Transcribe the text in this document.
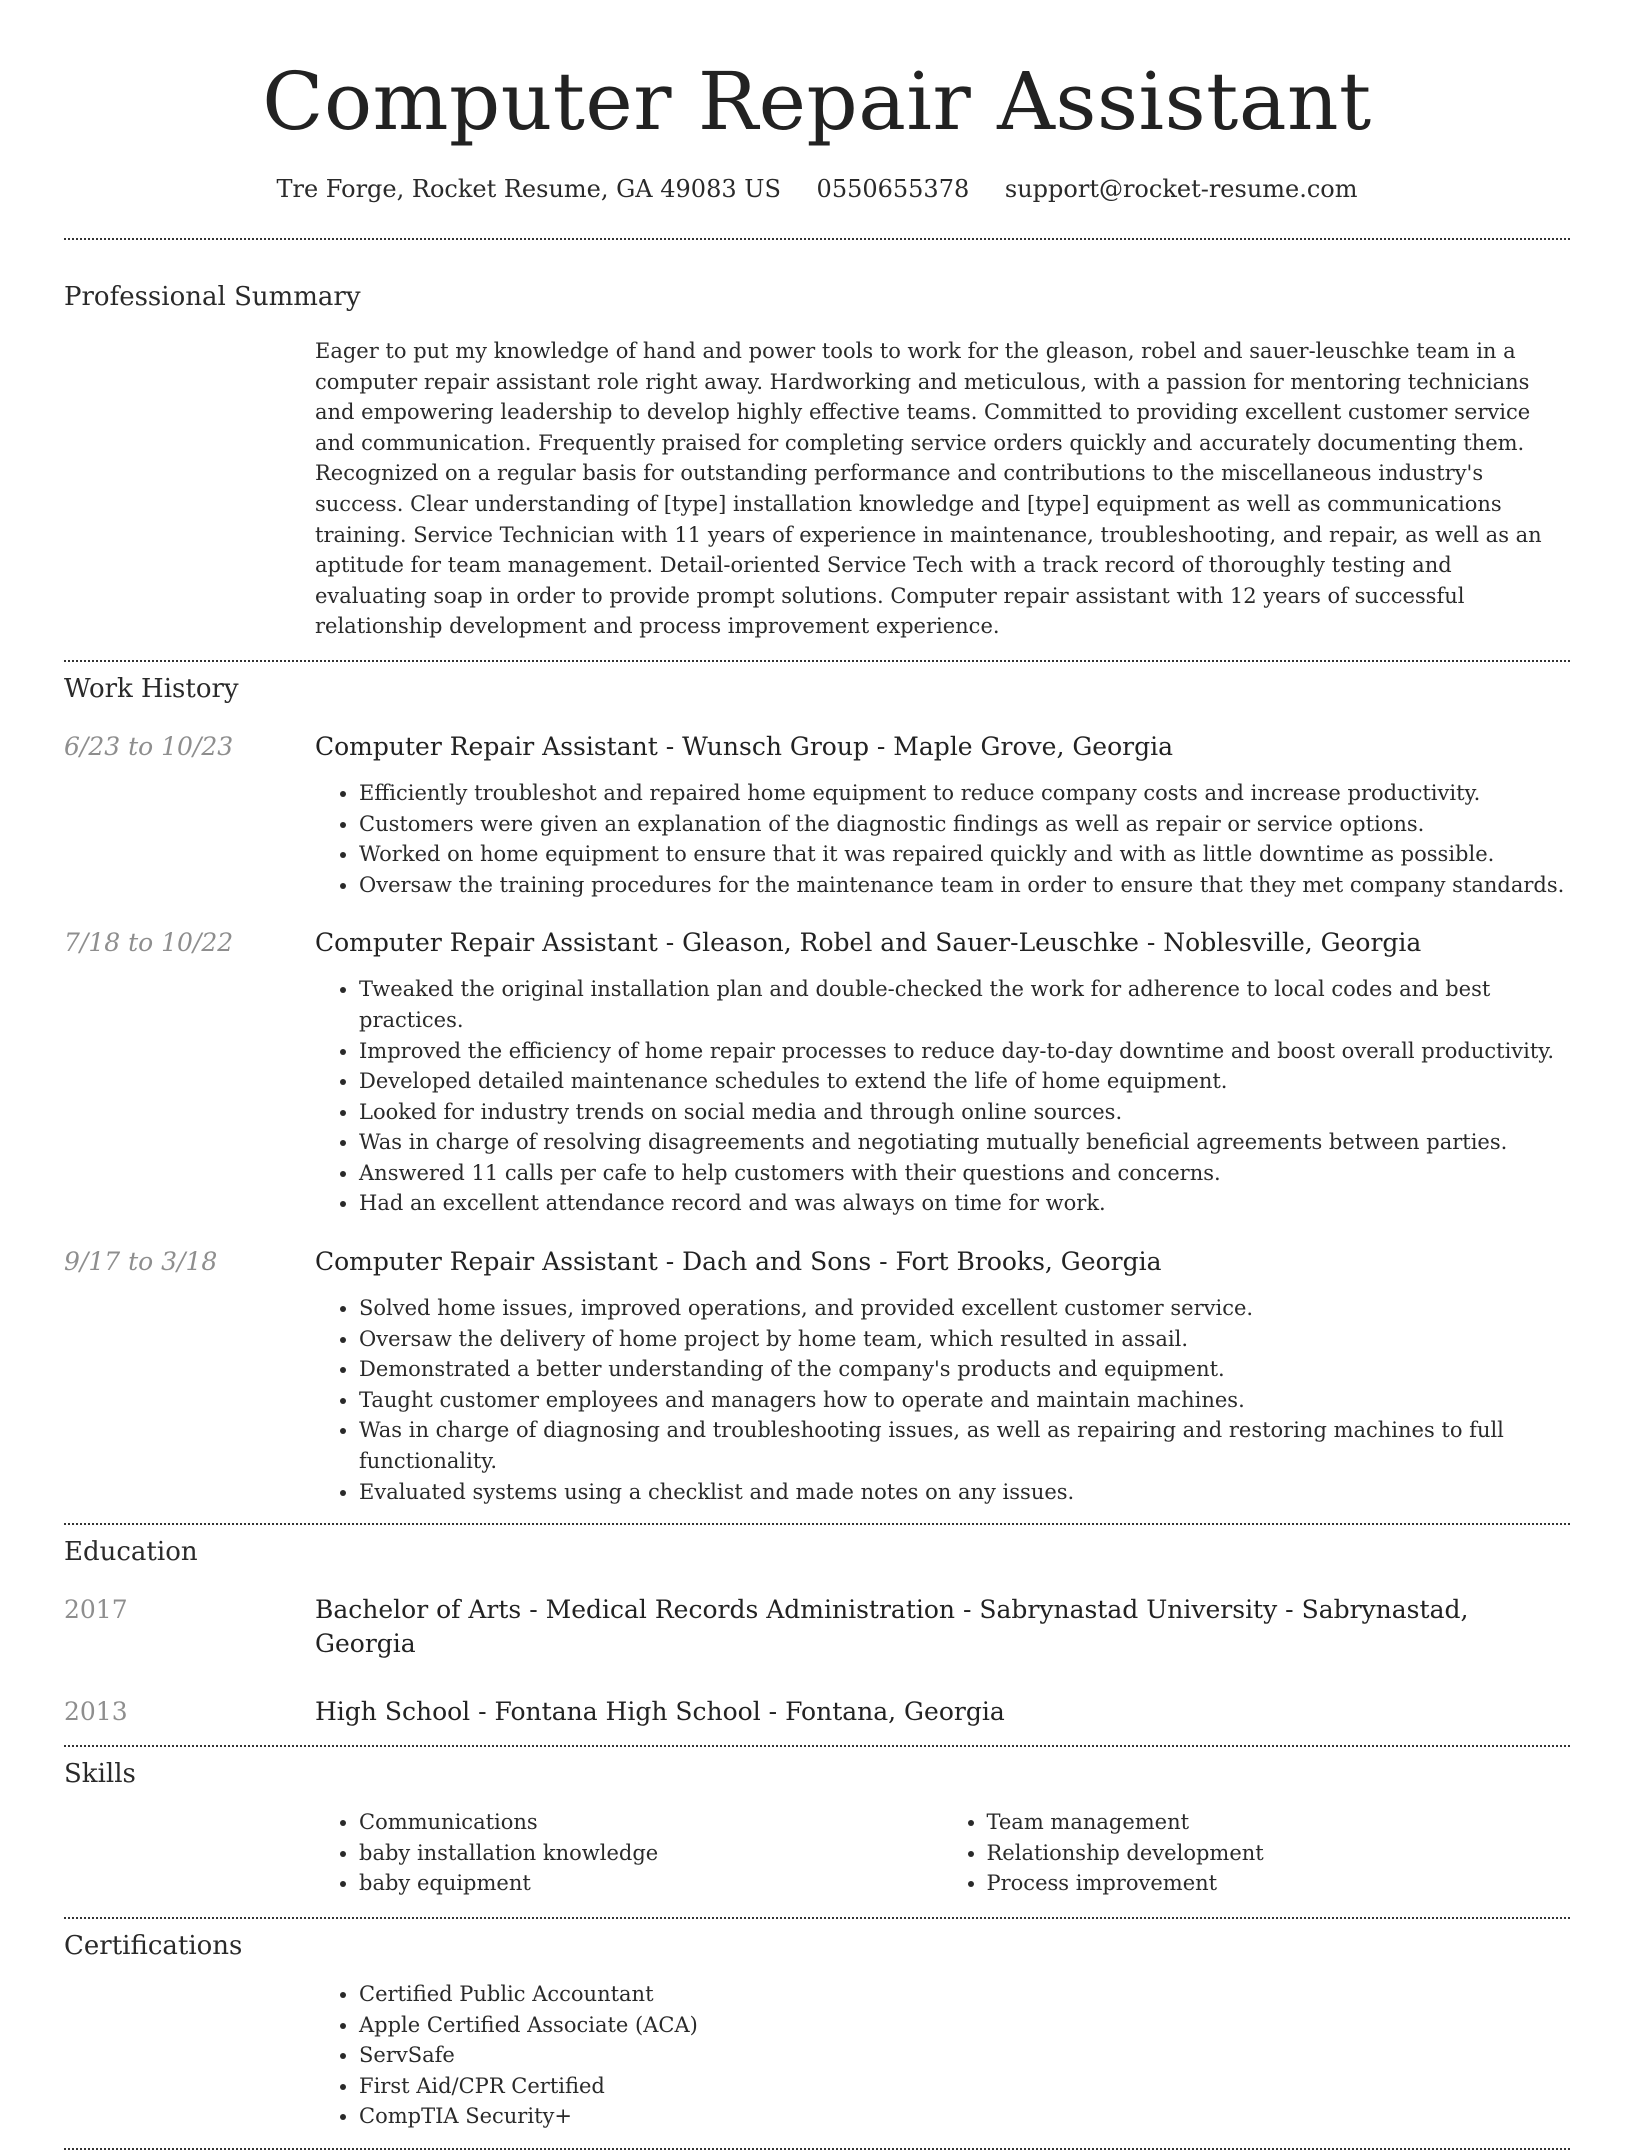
Computer Repair Assistant
Tre Forge, Rocket Resume, GA 49083 US 0550655378 support@rocket-resume.com
Professional Summary

Eager to put my knowledge of hand and power tools to work for the gleason, robel and sauer-leuschke team in a computer repair assistant role right away. Hardworking and meticulous, with a passion for mentoring technicians and empowering leadership to develop highly effective teams. Committed to providing excellent customer service and communication. Frequently praised for completing service orders quickly and accurately documenting them. Recognized on a regular basis for outstanding performance and contributions to the miscellaneous industry's success. Clear understanding of [type] installation knowledge and [type] equipment as well as communications training. Service Technician with 11 years of experience in maintenance, troubleshooting, and repair, as well as an aptitude for team management. Detail-oriented Service Tech with a track record of thoroughly testing and evaluating soap in order to provide prompt solutions. Computer repair assistant with 12 years of successful relationship development and process improvement experience.

Work History
6/23 to 10/23	Computer Repair Assistant - Wunsch Group - Maple Grove, Georgia

• Efficiently troubleshot and repaired home equipment to reduce company costs and increase productivity.
• Customers were given an explanation of the diagnostic findings as well as repair or service options.
• Worked on home equipment to ensure that it was repaired quickly and with as little downtime as possible.
• Oversaw the training procedures for the maintenance team in order to ensure that they met company standards.
7/18 to 10/22	Computer Repair Assistant - Gleason, Robel and Sauer-Leuschke - Noblesville, Georgia

• Tweaked the original installation plan and double-checked the work for adherence to local codes and best practices.
• Improved the efficiency of home repair processes to reduce day-to-day downtime and boost overall productivity.
• Developed detailed maintenance schedules to extend the life of home equipment.
• Looked for industry trends on social media and through online sources.
• Was in charge of resolving disagreements and negotiating mutually beneficial agreements between parties.
• Answered 11 calls per cafe to help customers with their questions and concerns.
• Had an excellent attendance record and was always on time for work.
9/17 to 3/18	Computer Repair Assistant - Dach and Sons - Fort Brooks, Georgia

• Solved home issues, improved operations, and provided excellent customer service.
• Oversaw the delivery of home project by home team, which resulted in assail.
• Demonstrated a better understanding of the company's products and equipment.
• Taught customer employees and managers how to operate and maintain machines.
• Was in charge of diagnosing and troubleshooting issues, as well as repairing and restoring machines to full functionality.
• Evaluated systems using a checklist and made notes on any issues.
Education
2017	Bachelor of Arts - Medical Records Administration - Sabrynastad University - Sabrynastad, Georgia

2013	High School - Fontana High School - Fontana, Georgia

Skills
• Communications
• baby installation knowledge
• baby equipment
• Team management
• Relationship development
• Process improvement
Certifications
• Certified Public Accountant
• Apple Certified Associate (ACA)
• ServSafe
• First Aid/CPR Certified
• CompTIA Security+
